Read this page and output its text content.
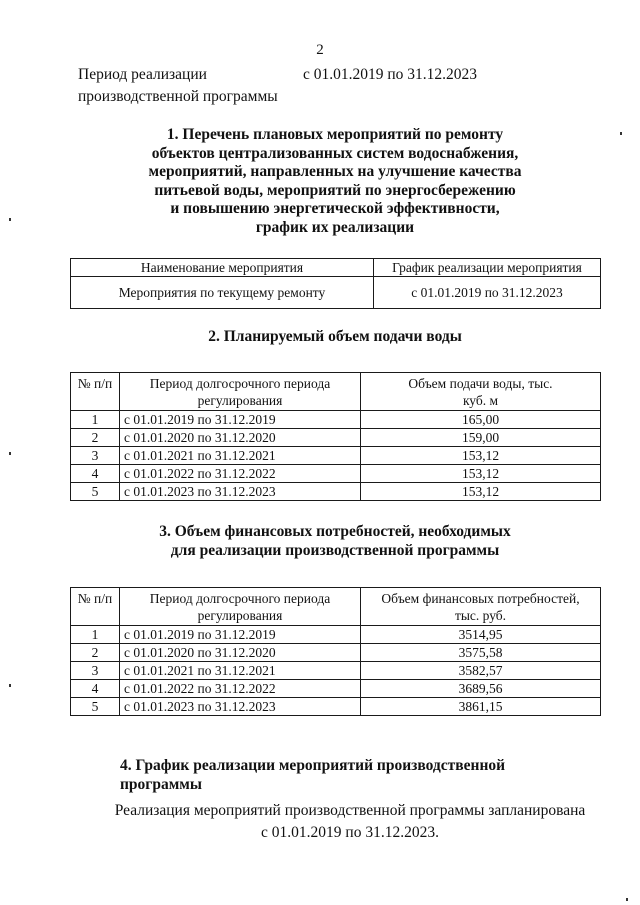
2
Период реализации производственной программы
с 01.01.2019 по 31.12.2023
1. Перечень плановых мероприятий по ремонту
объектов централизованных систем водоснабжения,
мероприятий, направленных на улучшение качества
питьевой воды, мероприятий по энергосбережению
и повышению энергетической эффективности,
график их реализации
Наименование мероприятия	График реализации мероприятия
Мероприятия по текущему ремонту	с 01.01.2019 по 31.12.2023
2. Планируемый объем подачи воды
№ п/п	Период долгосрочного периода регулирования	Объем подачи воды, тыс. куб. м

1	с 01.01.2019 по 31.12.2019	165,00
2	с 01.01.2020 по 31.12.2020	159,00
3	с 01.01.2021 по 31.12.2021	153,12
4	с 01.01.2022 по 31.12.2022	153,12
5	с 01.01.2023 по 31.12.2023	153,12
3. Объем финансовых потребностей, необходимых
для реализации производственной программы
№ п/п	Период долгосрочного периода регулирования	Объем финансовых потребностей, тыс. руб.

1	с 01.01.2019 по 31.12.2019	3514,95
2	с 01.01.2020 по 31.12.2020	3575,58
3	с 01.01.2021 по 31.12.2021	3582,57
4	с 01.01.2022 по 31.12.2022	3689,56
5	с 01.01.2023 по 31.12.2023	3861,15
4. График реализации мероприятий производственной программы
Реализация мероприятий производственной программы запланирована с 01.01.2019 по 31.12.2023.
